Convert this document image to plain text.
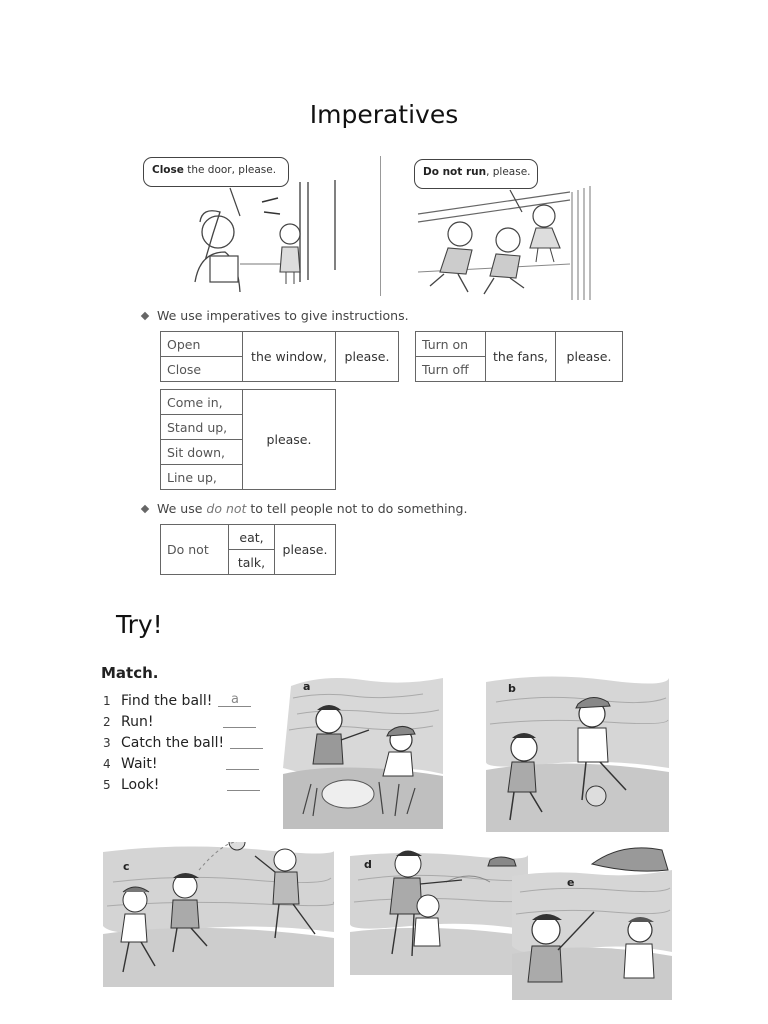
Imperatives
Close the door, please.	Do not run, please.
We use imperatives to give instructions.
Open	the window,	please.
Close
Turn on	the fans,	please.
Turn off
Come in,	please.
Stand up,
Sit down,
Line up,
We use do not to tell people not to do something.
Do not	eat,	please.
talk,
Try!
Match.
1 Find the ball!	a
2 Run!
3 Catch the ball!
4 Wait!
5 Look!
a	b
c	d
e
